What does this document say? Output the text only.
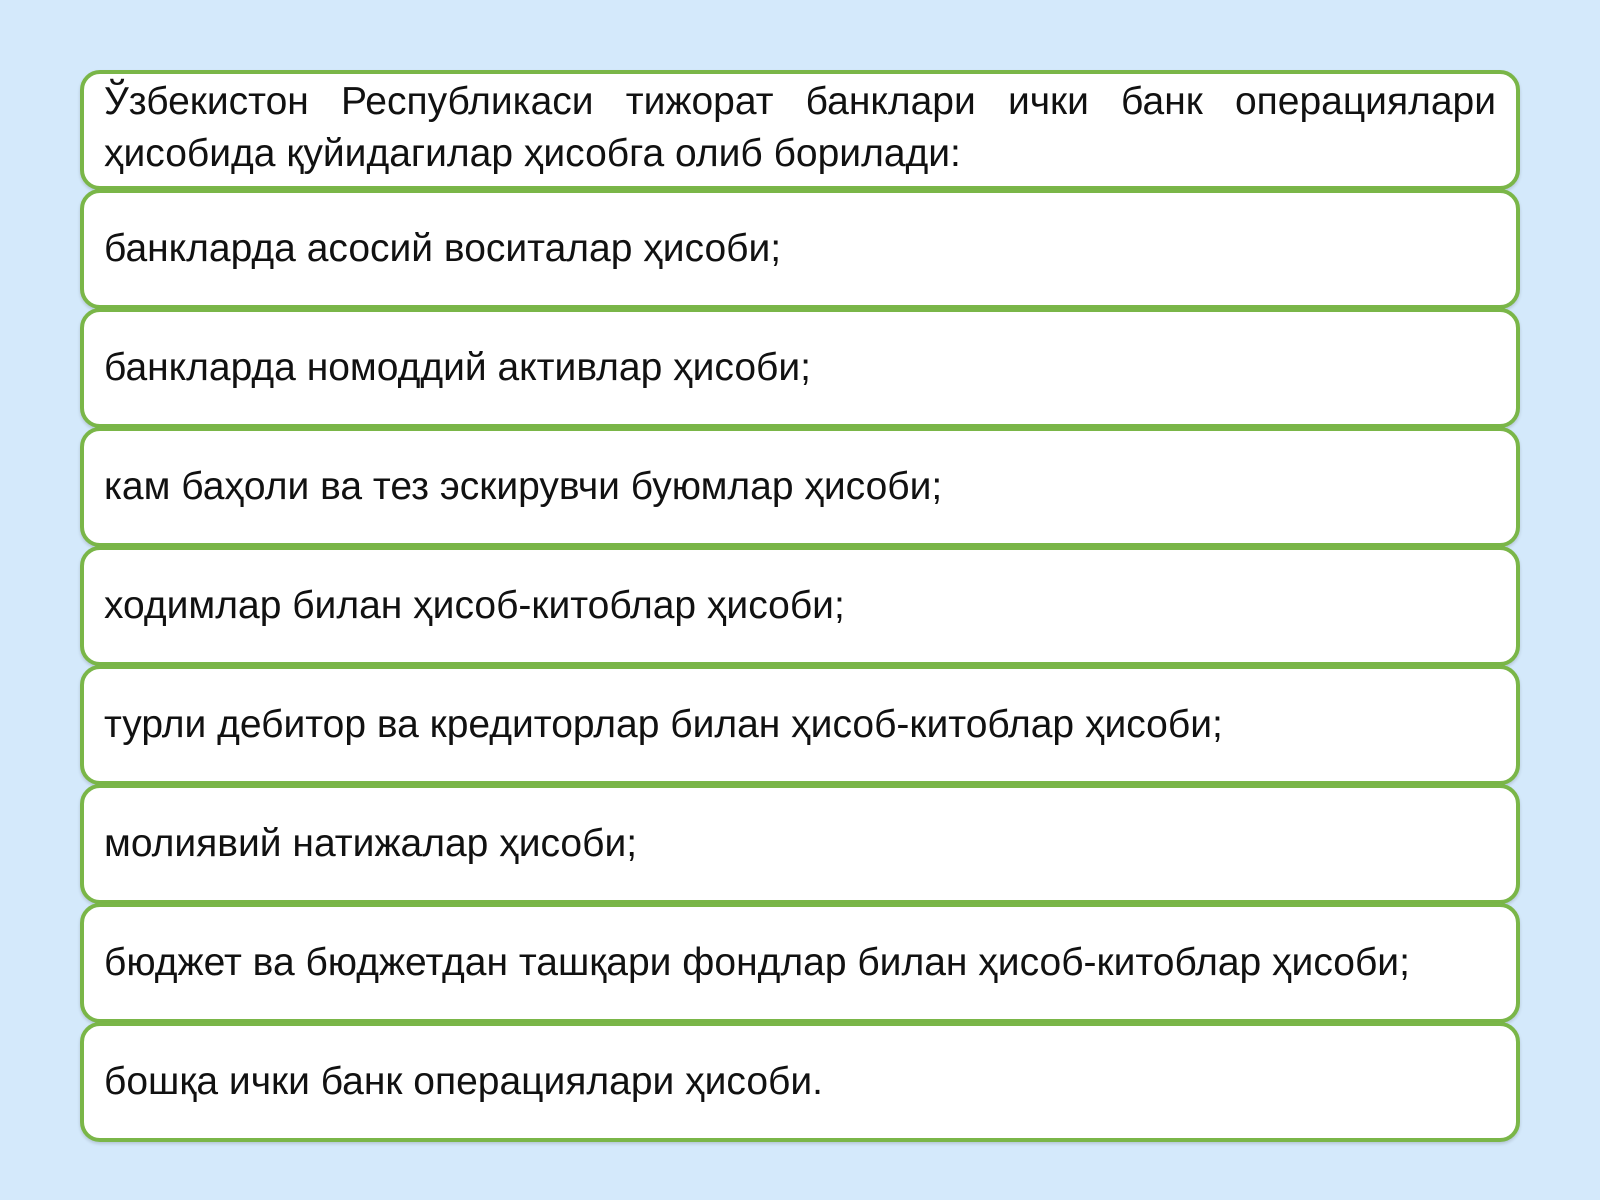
Ўзбекистон Республикаси тижорат банклари ички банк операциялари ҳисобида қуйидагилар ҳисобга олиб борилади:
банкларда асосий воситалар ҳисоби;
банкларда номоддий активлар ҳисоби;
кам баҳоли ва тез эскирувчи буюмлар ҳисоби;
ходимлар билан ҳисоб-китоблар ҳисоби;
турли дебитор ва кредиторлар билан ҳисоб-китоблар ҳисоби;
молиявий натижалар ҳисоби;
бюджет ва бюджетдан ташқари фондлар билан ҳисоб-китоблар ҳисоби;
бошқа ички банк операциялари ҳисоби.
